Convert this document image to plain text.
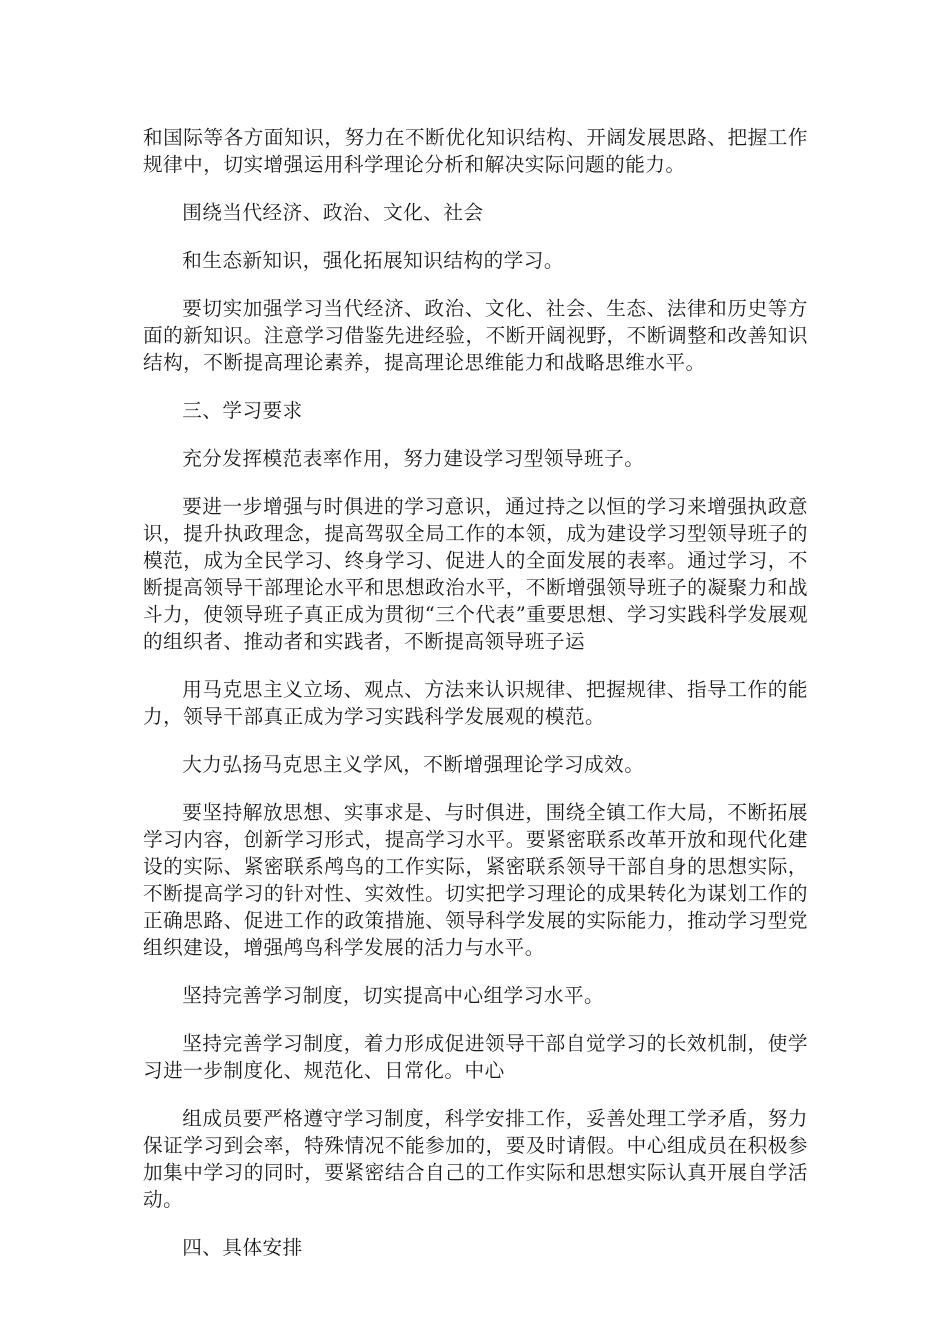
和国际等各方面知识，努力在不断优化知识结构、开阔发展思路、把握工作规律中，切实增强运用科学理论分析和解决实际问题的能力。

围绕当代经济、政治、文化、社会

和生态新知识，强化拓展知识结构的学习。

要切实加强学习当代经济、政治、文化、社会、生态、法律和历史等方面的新知识。注意学习借鉴先进经验，不断开阔视野，不断调整和改善知识结构，不断提高理论素养，提高理论思维能力和战略思维水平。

三、学习要求

充分发挥模范表率作用，努力建设学习型领导班子。

要进一步增强与时俱进的学习意识，通过持之以恒的学习来增强执政意识，提升执政理念，提高驾驭全局工作的本领，成为建设学习型领导班子的模范，成为全民学习、终身学习、促进人的全面发展的表率。通过学习，不断提高领导干部理论水平和思想政治水平，不断增强领导班子的凝聚力和战斗力，使领导班子真正成为贯彻“三个代表”重要思想、学习实践科学发展观的组织者、推动者和实践者，不断提高领导班子运

用马克思主义立场、观点、方法来认识规律、把握规律、指导工作的能力，领导干部真正成为学习实践科学发展观的模范。

大力弘扬马克思主义学风，不断增强理论学习成效。

要坚持解放思想、实事求是、与时俱进，围绕全镇工作大局，不断拓展学习内容，创新学习形式，提高学习水平。要紧密联系改革开放和现代化建设的实际、紧密联系鸬鸟的工作实际，紧密联系领导干部自身的思想实际，不断提高学习的针对性、实效性。切实把学习理论的成果转化为谋划工作的正确思路、促进工作的政策措施、领导科学发展的实际能力，推动学习型党组织建设，增强鸬鸟科学发展的活力与水平。

坚持完善学习制度，切实提高中心组学习水平。

坚持完善学习制度，着力形成促进领导干部自觉学习的长效机制，使学习进一步制度化、规范化、日常化。中心

组成员要严格遵守学习制度，科学安排工作，妥善处理工学矛盾，努力保证学习到会率，特殊情况不能参加的，要及时请假。中心组成员在积极参加集中学习的同时，要紧密结合自己的工作实际和思想实际认真开展自学活动。

四、具体安排
